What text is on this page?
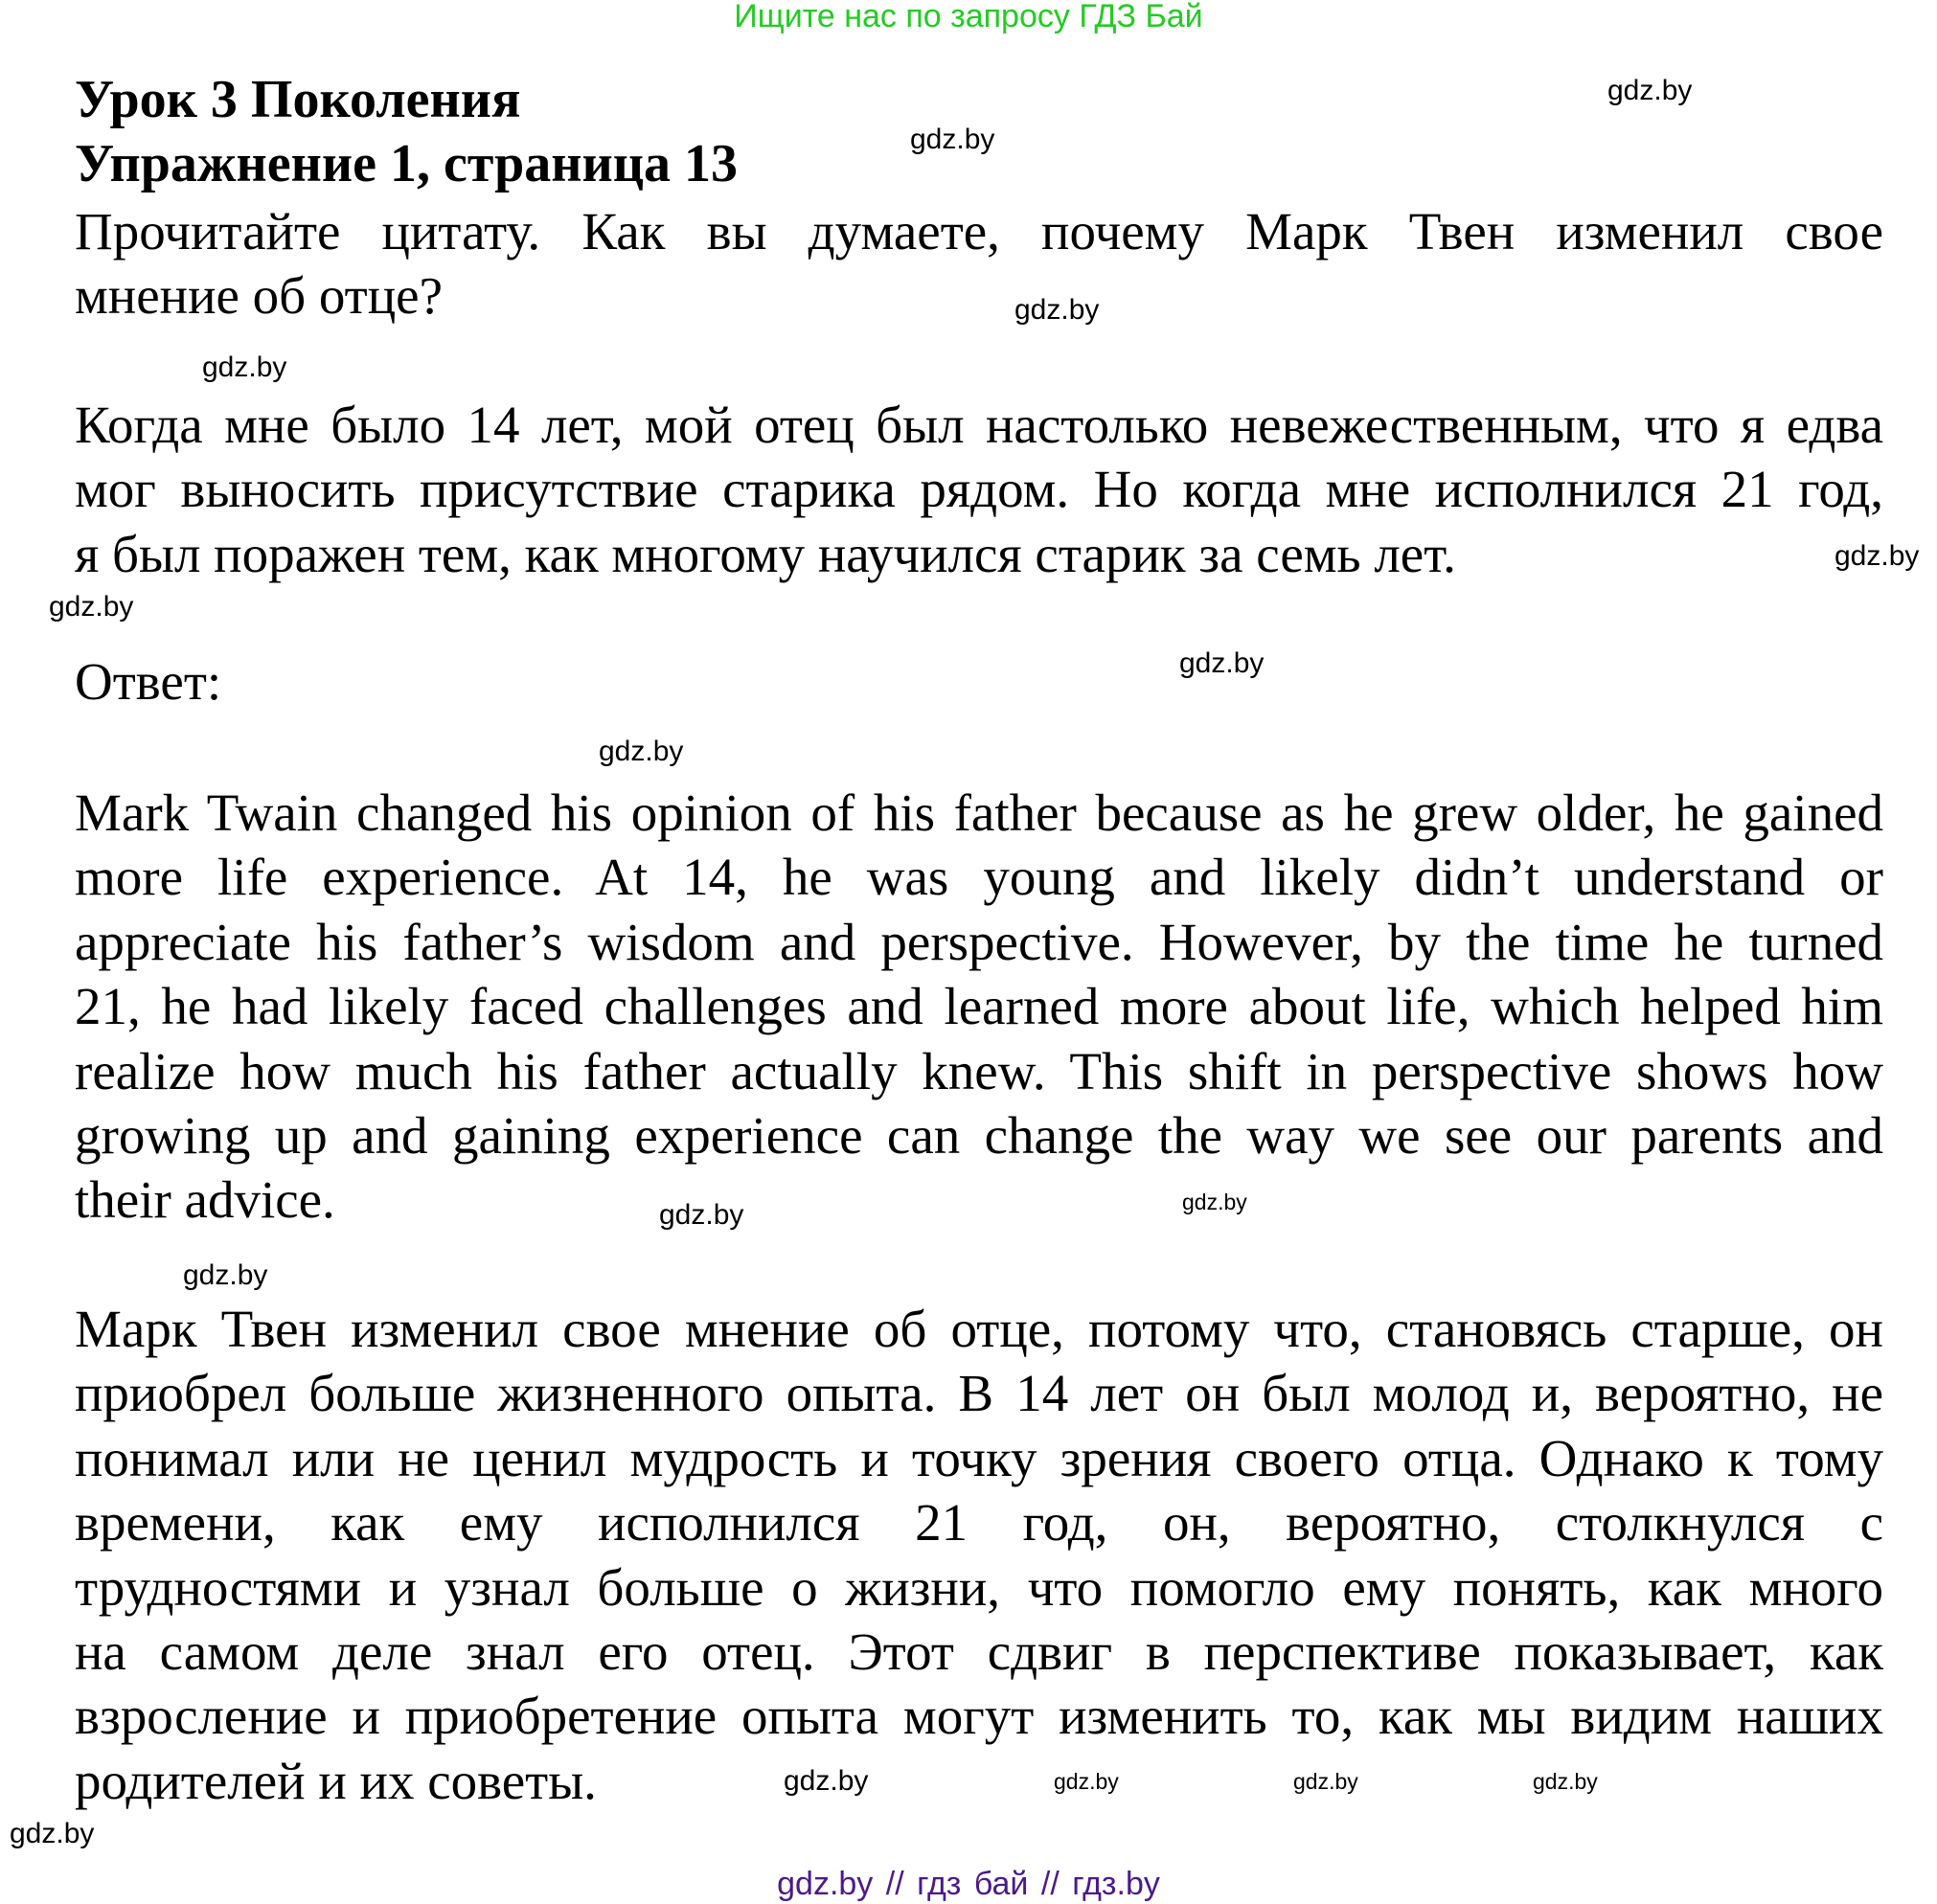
Ищите нас по запросу ГДЗ Бай
Урок 3 Поколения
Упражнение 1, страница 13
Прочитайте цитату. Как вы думаете, почему Марк Твен изменил свое
мнение об отце?
Когда мне было 14 лет, мой отец был настолько невежественным, что я едва
мог выносить присутствие старика рядом. Но когда мне исполнился 21 год,
я был поражен тем, как многому научился старик за семь лет.
Ответ:
Mark Twain changed his opinion of his father because as he grew older, he gained
more life experience. At 14, he was young and likely didn’t understand or
appreciate his father’s wisdom and perspective. However, by the time he turned
21, he had likely faced challenges and learned more about life, which helped him
realize how much his father actually knew. This shift in perspective shows how
growing up and gaining experience can change the way we see our parents and
their advice.
Марк Твен изменил свое мнение об отце, потому что, становясь старше, он
приобрел больше жизненного опыта. В 14 лет он был молод и, вероятно, не
понимал или не ценил мудрость и точку зрения своего отца. Однако к тому
времени, как ему исполнился 21 год, он, вероятно, столкнулся с
трудностями и узнал больше о жизни, что помогло ему понять, как много
на самом деле знал его отец. Этот сдвиг в перспективе показывает, как
взросление и приобретение опыта могут изменить то, как мы видим наших
родителей и их советы.
gdz.by
gdz.by
gdz.by
gdz.by
gdz.by
gdz.by
gdz.by
gdz.by
gdz.by
gdz.by
gdz.by
gdz.by	gdz.by	gdz.by
gdz.by
gdz.by
gdz.by // гдз бай // гдз.by
